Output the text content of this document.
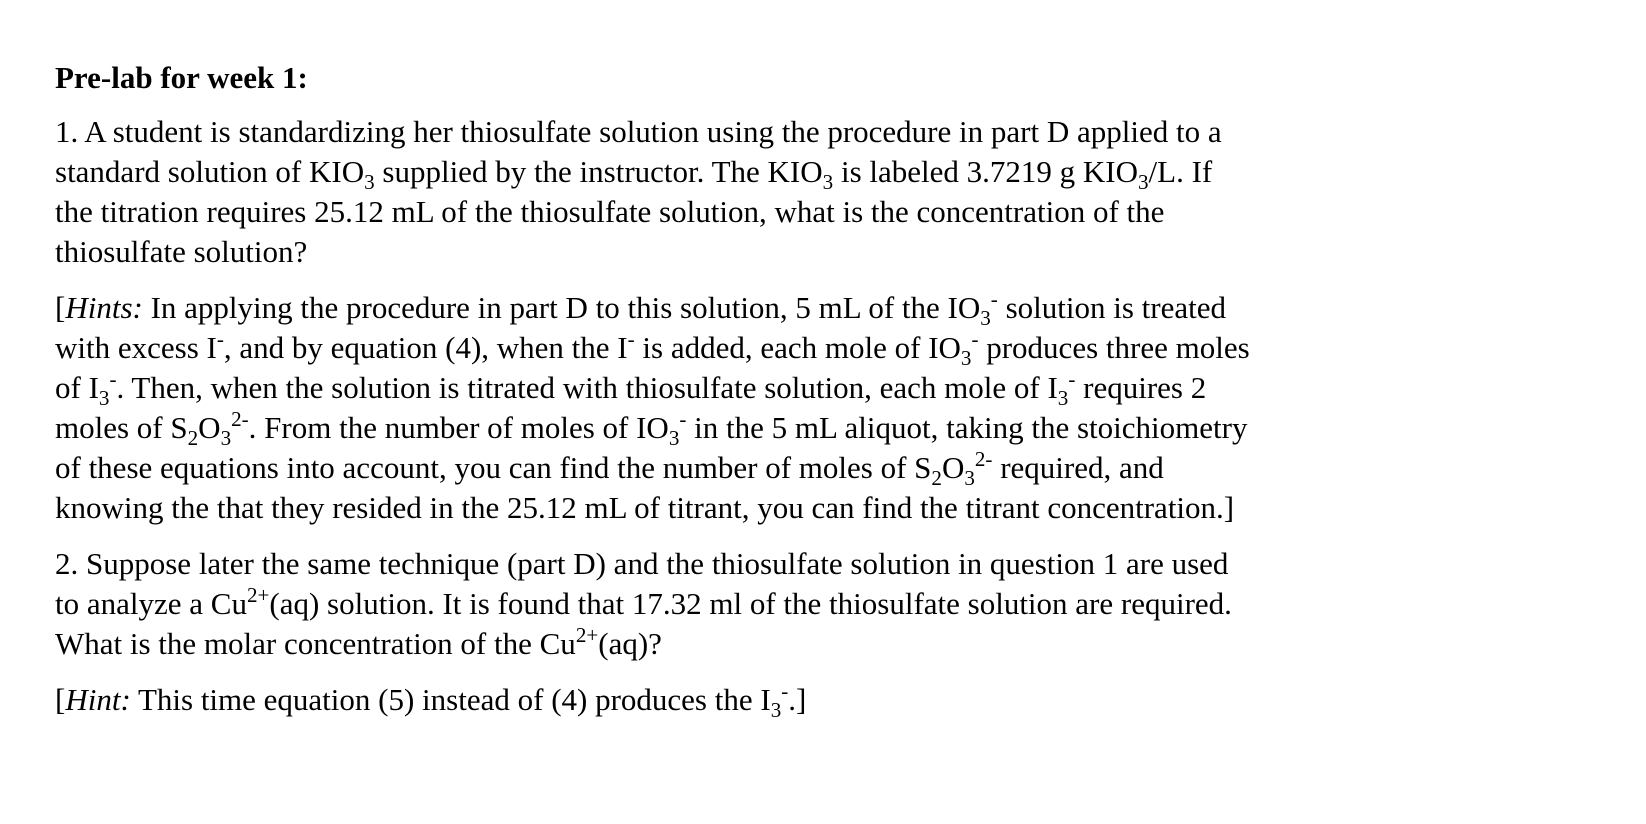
Pre-lab for week 1:
1. A student is standardizing her thiosulfate solution using the procedure in part D applied to a
standard solution of $KIO_3$ supplied by the instructor. The $KIO_3$ is labeled 3.7219 g $KIO_3/L$. If
the titration requires 25.12 mL of the thiosulfate solution, what is the concentration of the
thiosulfate solution?
[Hints: In applying the procedure in part D to this solution, 5 mL of the $IO_3^-$ solution is treated
with excess I-, and by equation (4), when the I- is added, each mole of $IO_3^-$ produces three moles
of $I_3^-$. Then, when the solution is titrated with thiosulfate solution, each mole of $I_3^-$ requires 2
moles of $S_2O_3^{2-}$. From the number of moles of $IO_3^-$ in the 5 mL aliquot, taking the stoichiometry
of these equations into account, you can find the number of moles of $S_2O_3^{2-}$ required, and
knowing the that they resided in the 25.12 mL of titrant, you can find the titrant concentration.]
2. Suppose later the same technique (part D) and the thiosulfate solution in question 1 are used
to analyze a $Cu^{2+}(aq)$ solution. It is found that 17.32 ml of the thiosulfate solution are required.
What is the molar concentration of the $Cu^{2+}(aq)$?
[Hint: This time equation (5) instead of (4) produces the $I_3^-$.]
